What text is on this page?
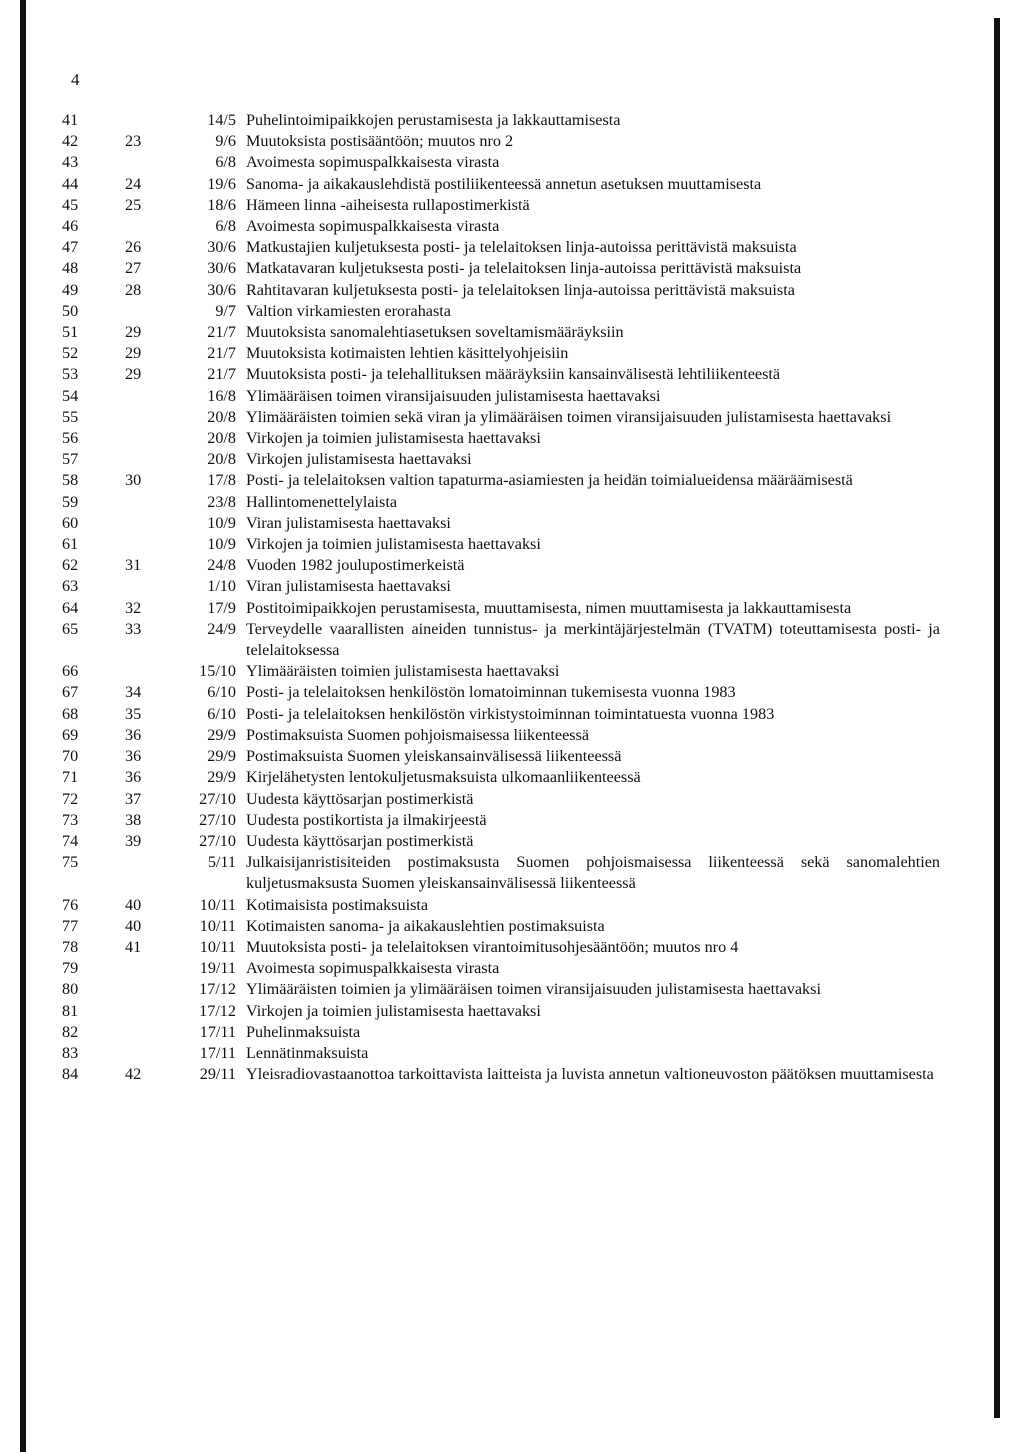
4
41	14/5 Puhelintoimipaikkojen perustamisesta ja lakkauttamisesta
42	23	9/6 Muutoksista postisääntöön; muutos nro 2
43	6/8 Avoimesta sopimuspalkkaisesta virasta
44	24	19/6 Sanoma- ja aikakauslehdistä postiliikenteessä annetun asetuksen muuttamisesta
45	25	18/6 Hämeen linna -aiheisesta rullapostimerkistä
46	6/8 Avoimesta sopimuspalkkaisesta virasta
47	26	30/6 Matkustajien kuljetuksesta posti- ja telelaitoksen linja-autoissa perittävistä maksuista
48	27	30/6 Matkatavaran kuljetuksesta posti- ja telelaitoksen linja-autoissa perittävistä maksuista
49	28	30/6 Rahtitavaran kuljetuksesta posti- ja telelaitoksen linja-autoissa perittävistä maksuista
50	9/7 Valtion virkamiesten erorahasta
51	29	21/7 Muutoksista sanomalehtiasetuksen soveltamismääräyksiin
52	29	21/7 Muutoksista kotimaisten lehtien käsittelyohjeisiin
53	29	21/7 Muutoksista posti- ja telehallituksen määräyksiin kansainvälisestä lehtiliikenteestä
54	16/8 Ylimääräisen toimen viransijaisuuden julistamisesta haettavaksi
55	20/8 Ylimääräisten toimien sekä viran ja ylimääräisen toimen viransijaisuuden julistamisesta haettavaksi
56	20/8 Virkojen ja toimien julistamisesta haettavaksi
57	20/8 Virkojen julistamisesta haettavaksi
58	30	17/8 Posti- ja telelaitoksen valtion tapaturma-asiamiesten ja heidän toimialueidensa määräämisestä
59	23/8 Hallintomenettelylaista
60	10/9 Viran julistamisesta haettavaksi
61	10/9 Virkojen ja toimien julistamisesta haettavaksi
62	31	24/8 Vuoden 1982 joulupostimerkeistä
63	1/10 Viran julistamisesta haettavaksi
64	32	17/9 Postitoimipaikkojen perustamisesta, muuttamisesta, nimen muuttamisesta ja lakkauttamisesta
65	33	24/9 Terveydelle vaarallisten aineiden tunnistus- ja merkintäjärjestelmän (TVATM) toteuttamisesta posti- ja telelaitoksessa
66	15/10 Ylimääräisten toimien julistamisesta haettavaksi
67	34	6/10 Posti- ja telelaitoksen henkilöstön lomatoiminnan tukemisesta vuonna 1983
68	35	6/10 Posti- ja telelaitoksen henkilöstön virkistystoiminnan toimintatuesta vuonna 1983
69	36	29/9 Postimaksuista Suomen pohjoismaisessa liikenteessä
70	36	29/9 Postimaksuista Suomen yleiskansainvälisessä liikenteessä
71	36	29/9 Kirjelähetysten lentokuljetusmaksuista ulkomaanliikenteessä
72	37	27/10 Uudesta käyttösarjan postimerkistä
73	38	27/10 Uudesta postikortista ja ilmakirjeestä
74	39	27/10 Uudesta käyttösarjan postimerkistä
75	5/11 Julkaisijanristisiteiden postimaksusta Suomen pohjoismaisessa liikenteessä sekä sanomalehtien kuljetusmaksusta Suomen yleiskansainvälisessä liikenteessä
76	40	10/11 Kotimaisista postimaksuista
77	40	10/11 Kotimaisten sanoma- ja aikakauslehtien postimaksuista
78	41	10/11 Muutoksista posti- ja telelaitoksen virantoimitusohjesääntöön; muutos nro 4
79	19/11 Avoimesta sopimuspalkkaisesta virasta
80	17/12 Ylimääräisten toimien ja ylimääräisen toimen viransijaisuuden julistamisesta haettavaksi
81	17/12 Virkojen ja toimien julistamisesta haettavaksi
82	17/11 Puhelinmaksuista
83	17/11 Lennätinmaksuista
84	42	29/11 Yleisradiovastaanottoa tarkoittavista laitteista ja luvista annetun valtioneuvoston päätöksen muuttamisesta
